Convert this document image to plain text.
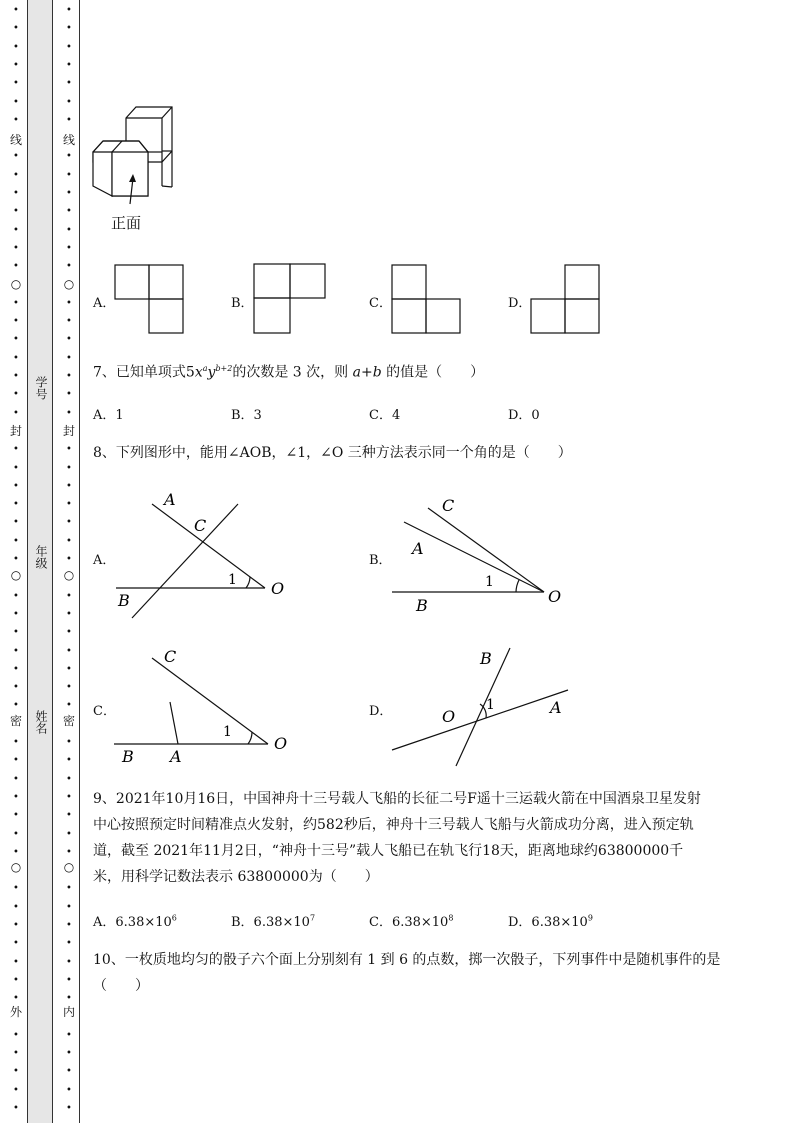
•
•
•
•
•
•
•
•
•
•
•
•
•
•
•
•
•
•
•
•
•
•
•
•
•
•
•
•
•
•
•
•
•
•
•
•
•
•
•
•
•
•
•
•
•
•
•
•
•
•
•
•
•
•
•
•
•
•
•
•
•
•
•
•
•
•
•
•
•
•
•
•
•
•
•
•
•
•
•
•
•
•
•
•
•
•
•
•
•
•
•
•
•
•
•
•
•
•
•
•
•
•
•
•
•
•
•
•
线
○
封
○
密
○
外
线
○
封
○
密
○
内
学号
年级
姓名
正面
A．	B．	C．	D．
7、已知单项式$5x^ay^{b+2}$的次数是 3 次，则 a+b 的值是（　　）
A．1	B．3	C．4	D．0
8、下列图形中，能用∠AOB，∠1，∠O 三种方法表示同一个角的是（　　）
A．
A
C
B
O
1
B．
C
A
B	O
1
C．
C
B A
O
1
D．
B
O	A
1
9、2021年10月16日，中国神舟十三号载人飞船的长征二号F遥十三运载火箭在中国酒泉卫星发射
中心按照预定时间精准点火发射，约582秒后，神舟十三号载人飞船与火箭成功分离，进入预定轨
道，截至 2021年11月2日，“神舟十三号”载人飞船已在轨飞行18天，距离地球约63800000千
米，用科学记数法表示 63800000为（　　）
A．$6.38\times 10^6$	B．$6.38\times 10^7$	C．$6.38\times 10^8$	D．$6.38\times 10^9$
10、一枚质地均匀的骰子六个面上分别刻有 1 到 6 的点数，掷一次骰子，下列事件中是随机事件的是
（　　）
